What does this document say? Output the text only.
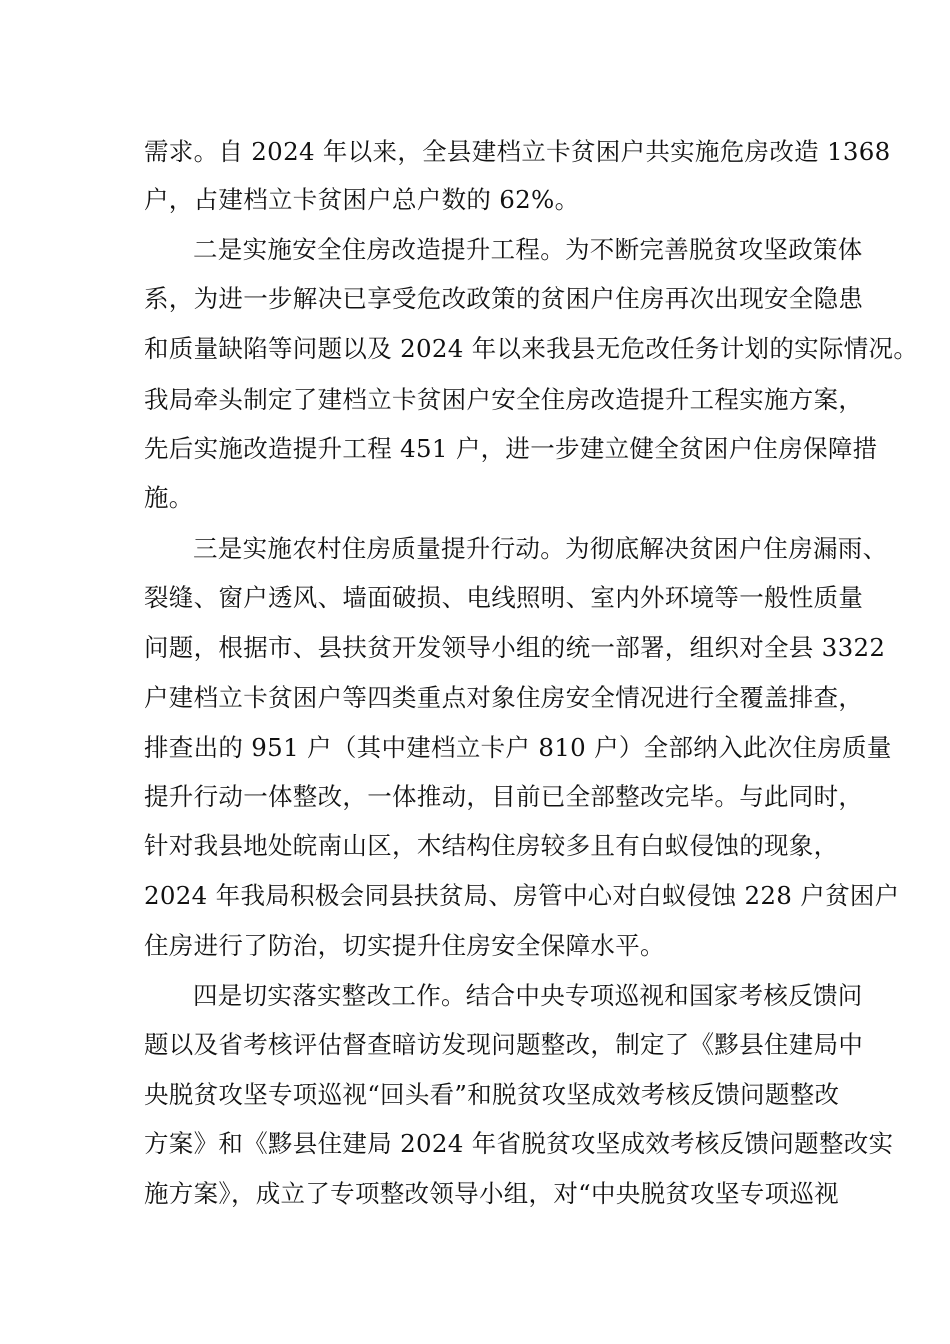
需求。自 2024 年以来，全县建档立卡贫困户共实施危房改造 1368
户，占建档立卡贫困户总户数的 62%。
二是实施安全住房改造提升工程。为不断完善脱贫攻坚政策体
系，为进一步解决已享受危改政策的贫困户住房再次出现安全隐患
和质量缺陷等问题以及 2024 年以来我县无危改任务计划的实际情况。
我局牵头制定了建档立卡贫困户安全住房改造提升工程实施方案，
先后实施改造提升工程 451 户，进一步建立健全贫困户住房保障措
施。
三是实施农村住房质量提升行动。为彻底解决贫困户住房漏雨、
裂缝、窗户透风、墙面破损、电线照明、室内外环境等一般性质量
问题，根据市、县扶贫开发领导小组的统一部署，组织对全县 3322
户建档立卡贫困户等四类重点对象住房安全情况进行全覆盖排查，
排查出的 951 户（其中建档立卡户 810 户）全部纳入此次住房质量
提升行动一体整改，一体推动，目前已全部整改完毕。与此同时，
针对我县地处皖南山区，木结构住房较多且有白蚁侵蚀的现象，
2024 年我局积极会同县扶贫局、房管中心对白蚁侵蚀 228 户贫困户
住房进行了防治，切实提升住房安全保障水平。
四是切实落实整改工作。结合中央专项巡视和国家考核反馈问
题以及省考核评估督查暗访发现问题整改，制定了《黟县住建局中
央脱贫攻坚专项巡视“回头看”和脱贫攻坚成效考核反馈问题整改
方案》和《黟县住建局 2024 年省脱贫攻坚成效考核反馈问题整改实
施方案》，成立了专项整改领导小组，对“中央脱贫攻坚专项巡视
